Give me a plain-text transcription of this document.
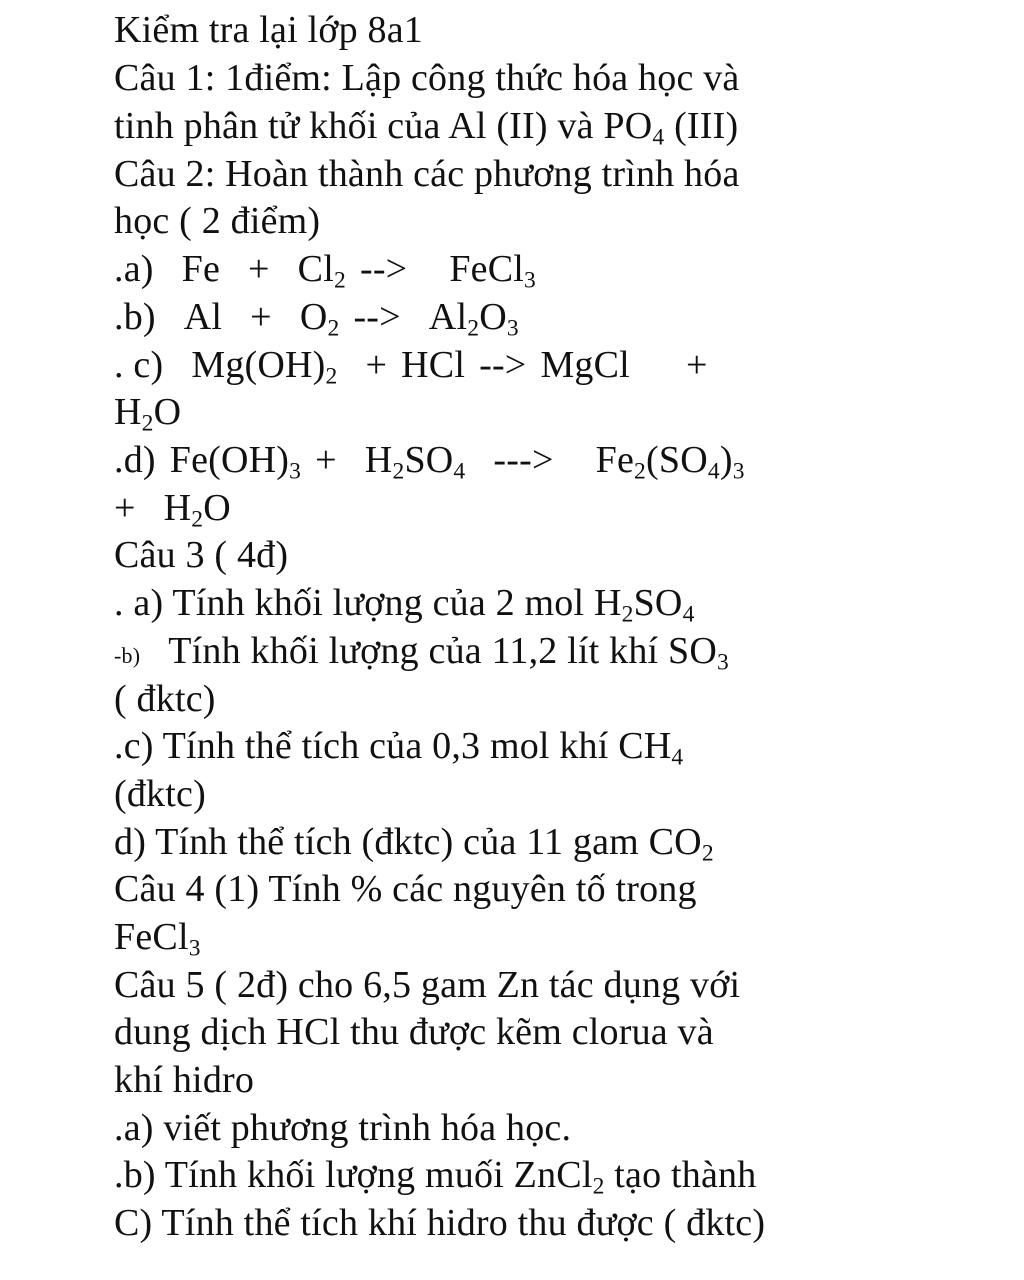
Kiểm tra lại lớp 8a1
Câu 1: 1điểm: Lập công thức hóa học và
tinh phân tử khối của Al (II) và $PO_4$ (III)
Câu 2: Hoàn thành các phương trình hóa
học ( 2 điểm)
.a) $Fe + Cl_2$ --> FeCl$_3$
.b) $Al + O_2$ --> $Al_2O_3$
. c) $Mg(OH)_2$ + HCl --> MgCl +
$H_2O$
.d) $Fe(OH)_3 + H_2SO_4$ ---> $Fe_2(SO_4)_3$
+ $H_2O$
Câu 3 ( 4đ)
. a) Tính khối lượng của 2 mol $H_2SO_4$
-b) Tính khối lượng của 11,2 lít khí $SO_3$
( đktc)
.c) Tính thể tích của 0,3 mol khí $CH_4$
(đktc)
d) Tính thể tích (đktc) của 11 gam $CO_2$
Câu 4 (1) Tính % các nguyên tố trong
FeCl$_3$
Câu 5 ( 2đ) cho 6,5 gam Zn tác dụng với
dung dịch HCl thu được kẽm clorua và
khí hidro
.a) viết phương trình hóa học.
.b) Tính khối lượng muối ZnCl$_2$ tạo thành
C) Tính thể tích khí hidro thu được ( đktc)
